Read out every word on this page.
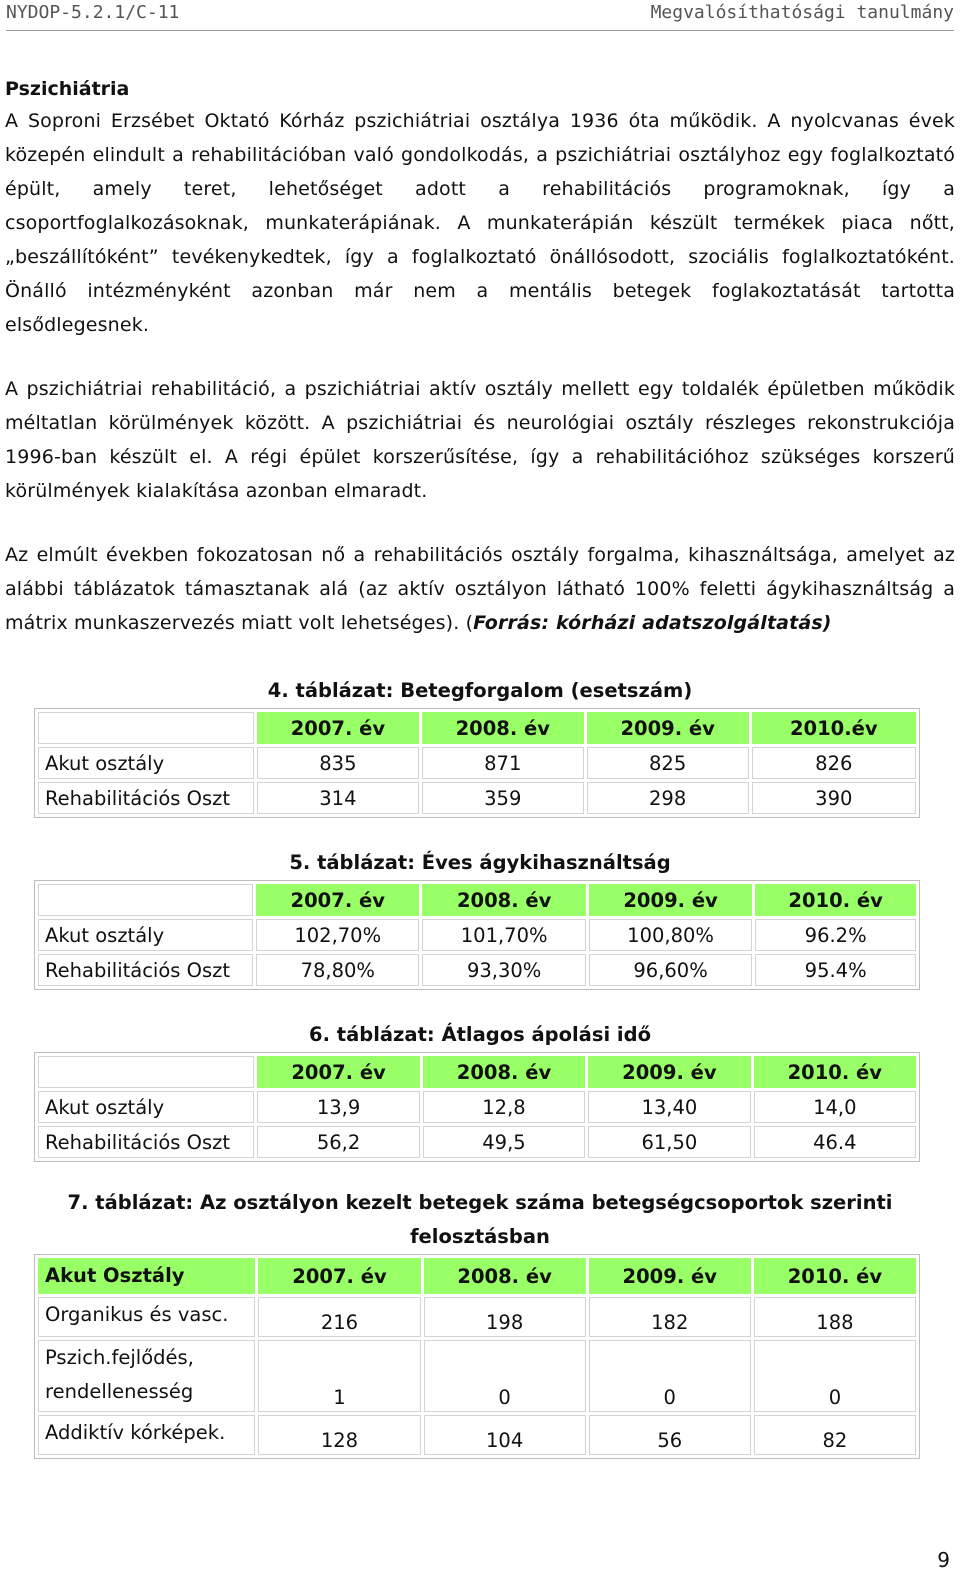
NYDOP-5.2.1/C-11	Megvalósíthatósági tanulmány
Pszichiátria

A Soproni Erzsébet Oktató Kórház pszichiátriai osztálya 1936 óta működik. A nyolcvanas évek közepén elindult a rehabilitációban való gondolkodás, a pszichiátriai osztályhoz egy foglalkoztató épült, amely teret, lehetőséget adott a rehabilitációs programoknak, így a csoportfoglalkozásoknak, munkaterápiának. A munkaterápián készült termékek piaca nőtt, „beszállítóként” tevékenykedtek, így a foglalkoztató önállósodott, szociális foglalkoztatóként. Önálló intézményként azonban már nem a mentális betegek foglakoztatását tartotta elsődlegesnek.

A pszichiátriai rehabilitáció, a pszichiátriai aktív osztály mellett egy toldalék épületben működik méltatlan körülmények között. A pszichiátriai és neurológiai osztály részleges rekonstrukciója 1996-ban készült el. A régi épület korszerűsítése, így a rehabilitációhoz szükséges korszerű körülmények kialakítása azonban elmaradt.

Az elmúlt években fokozatosan nő a rehabilitációs osztály forgalma, kihasználtsága, amelyet az alábbi táblázatok támasztanak alá (az aktív osztályon látható 100% feletti ágykihasználtság a mátrix munkaszervezés miatt volt lehetséges). (Forrás: kórházi adatszolgáltatás)

4. táblázat: Betegforgalom (esetszám)

	2007. év	2008. év	2009. év	2010.év
Akut osztály	835	871	825	826
Rehabilitációs Oszt	314	359	298	390

5. táblázat: Éves ágykihasználtság

	2007. év	2008. év	2009. év	2010. év
Akut osztály	102,70%	101,70%	100,80%	96.2%
Rehabilitációs Oszt	78,80%	93,30%	96,60%	95.4%

6. táblázat: Átlagos ápolási idő

	2007. év	2008. év	2009. év	2010. év
Akut osztály	13,9	12,8	13,40	14,0
Rehabilitációs Oszt	56,2	49,5	61,50	46.4

7. táblázat: Az osztályon kezelt betegek száma betegségcsoportok szerinti felosztásban

Akut Osztály	2007. év	2008. év	2009. év	2010. év
Organikus és vasc.	216	198	182	188
Pszich.fejlődés, rendellenesség	1	0	0	0
Addiktív kórképek.	128	104	56	82
9
